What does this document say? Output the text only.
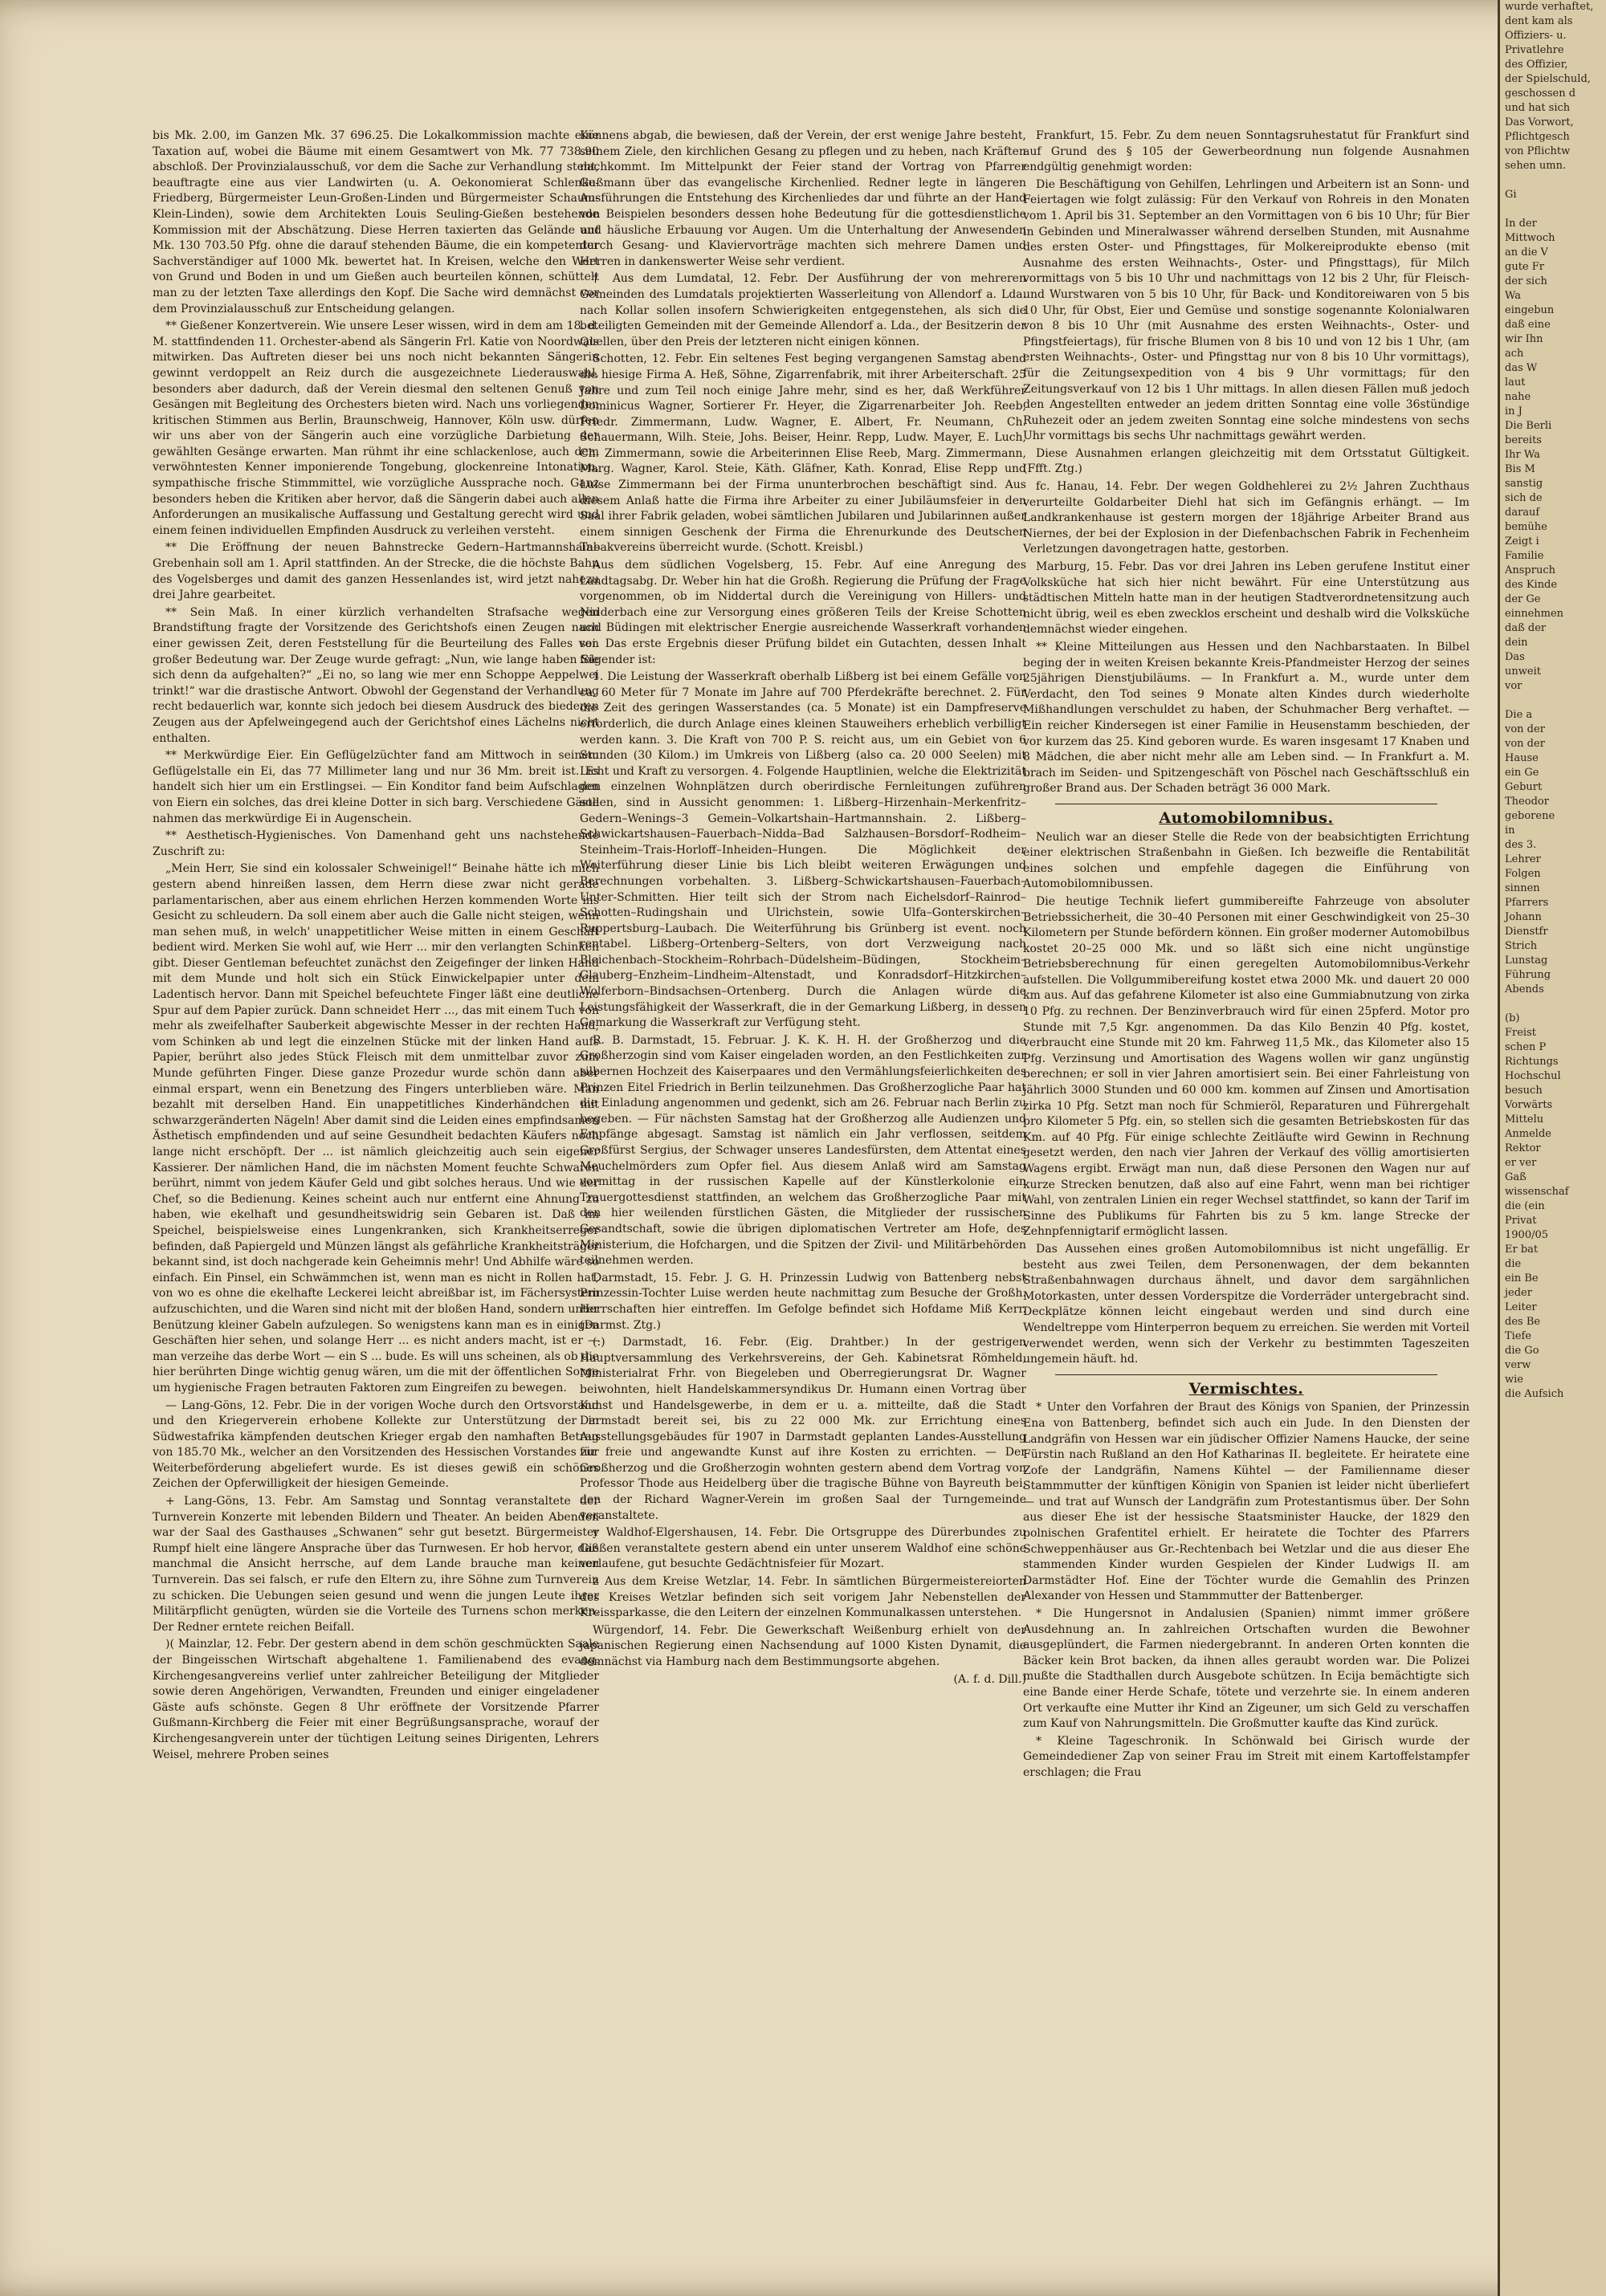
bis Mk. 2.00, im Ganzen Mk. 37 696.25. Die Lokalkommission machte eine Taxation auf, wobei die Bäume mit einem Gesamtwert von Mk. 77 738.90 abschloß. Der Provinzialausschuß, vor dem die Sache zur Verhandlung steht, beauftragte eine aus vier Landwirten (u. A. Oekonomierat Schlenke-Friedberg, Bürgermeister Leun-Großen-Linden und Bürgermeister Schaum-Klein-Linden), sowie dem Architekten Louis Seuling-Gießen bestehende Kommission mit der Abschätzung. Diese Herren taxierten das Gelände auf Mk. 130 703.50 Pfg. ohne die darauf stehenden Bäume, die ein kompetenter Sachverständiger auf 1000 Mk. bewertet hat. In Kreisen, welche den Wert von Grund und Boden in und um Gießen auch beurteilen können, schüttelt man zu der letzten Taxe allerdings den Kopf. Die Sache wird demnächst vor dem Provinzialausschuß zur Entscheidung gelangen.

** Gießener Konzertverein. Wie unsere Leser wissen, wird in dem am 18. d. M. stattfindenden 11. Orchester-abend als Sängerin Frl. Katie von Noordwals mitwirken. Das Auftreten dieser bei uns noch nicht bekannten Sängerin gewinnt verdoppelt an Reiz durch die ausgezeichnete Liederauswahl, besonders aber dadurch, daß der Verein diesmal den seltenen Genuß von Gesängen mit Begleitung des Orchesters bieten wird. Nach uns vorliegenden kritischen Stimmen aus Berlin, Braunschweig, Hannover, Köln usw. dürfen wir uns aber von der Sängerin auch eine vorzügliche Darbietung der gewählten Gesänge erwarten. Man rühmt ihr eine schlackenlose, auch dem verwöhntesten Kenner imponierende Tongebung, glockenreine Intonation, sympathische frische Stimmmittel, wie vorzügliche Aussprache noch. Ganz besonders heben die Kritiken aber hervor, daß die Sängerin dabei auch allen Anforderungen an musikalische Auffassung und Gestaltung gerecht wird und einem feinen individuellen Empfinden Ausdruck zu verleihen versteht.

** Die Eröffnung der neuen Bahnstrecke Gedern–Hartmannshain–Grebenhain soll am 1. April stattfinden. An der Strecke, die die höchste Bahn des Vogelsberges und damit des ganzen Hessenlandes ist, wird jetzt nahezu drei Jahre gearbeitet.

** Sein Maß. In einer kürzlich verhandelten Strafsache wegen Brandstiftung fragte der Vorsitzende des Gerichtshofs einen Zeugen nach einer gewissen Zeit, deren Feststellung für die Beurteilung des Falles von großer Bedeutung war. Der Zeuge wurde gefragt: „Nun, wie lange haben Sie sich denn da aufgehalten?“ „Ei no, so lang wie mer enn Schoppe Aeppelwei trinkt!“ war die drastische Antwort. Obwohl der Gegenstand der Verhandlung recht bedauerlich war, konnte sich jedoch bei diesem Ausdruck des biederen Zeugen aus der Apfelweingegend auch der Gerichtshof eines Lächelns nicht enthalten.

** Merkwürdige Eier. Ein Geflügelzüchter fand am Mittwoch in seinem Geflügelstalle ein Ei, das 77 Millimeter lang und nur 36 Mm. breit ist. Es handelt sich hier um ein Erstlingsei. — Ein Konditor fand beim Aufschlagen von Eiern ein solches, das drei kleine Dotter in sich barg. Verschiedene Gäste nahmen das merkwürdige Ei in Augenschein.

** Aesthetisch-Hygienisches. Von Damenhand geht uns nachstehende Zuschrift zu:

„Mein Herr, Sie sind ein kolossaler Schweinigel!“ Beinahe hätte ich mich gestern abend hinreißen lassen, dem Herrn diese zwar nicht gerade parlamentarischen, aber aus einem ehrlichen Herzen kommenden Worte ins Gesicht zu schleudern. Da soll einem aber auch die Galle nicht steigen, wenn man sehen muß, in welch' unappetitlicher Weise mitten in einem Geschäft bedient wird. Merken Sie wohl auf, wie Herr ... mir den verlangten Schinken gibt. Dieser Gentleman befeuchtet zunächst den Zeigefinger der linken Hand mit dem Munde und holt sich ein Stück Einwickelpapier unter dem Ladentisch hervor. Dann mit Speichel befeuchtete Finger läßt eine deutliche Spur auf dem Papier zurück. Dann schneidet Herr ..., das mit einem Tuch von mehr als zweifelhafter Sauberkeit abgewischte Messer in der rechten Hand, vom Schinken ab und legt die einzelnen Stücke mit der linken Hand aufs Papier, berührt also jedes Stück Fleisch mit dem unmittelbar zuvor zum Munde geführten Finger. Diese ganze Prozedur wurde schön dann aber einmal erspart, wenn ein Benetzung des Fingers unterblieben wäre. Man bezahlt mit derselben Hand. Ein unappetitliches Kinderhändchen mit schwarzgeränderten Nägeln! Aber damit sind die Leiden eines empfindsamen Ästhetisch empfindenden und auf seine Gesundheit bedachten Käufers noch lange nicht erschöpft. Der ... ist nämlich gleichzeitig auch sein eigener Kassierer. Der nämlichen Hand, die im nächsten Moment feuchte Schwaren berührt, nimmt von jedem Käufer Geld und gibt solches heraus. Und wie der Chef, so die Bedienung. Keines scheint auch nur entfernt eine Ahnung zu haben, wie ekelhaft und gesundheitswidrig sein Gebaren ist. Daß im Speichel, beispielsweise eines Lungenkranken, sich Krankheitserreger befinden, daß Papiergeld und Münzen längst als gefährliche Krankheitsträger bekannt sind, ist doch nachgerade kein Geheimnis mehr! Und Abhilfe wäre so einfach. Ein Pinsel, ein Schwämmchen ist, wenn man es nicht in Rollen hat, von wo es ohne die ekelhafte Leckerei leicht abreißbar ist, im Fächersystem aufzuschichten, und die Waren sind nicht mit der bloßen Hand, sondern unter Benützung kleiner Gabeln aufzulegen. So wenigstens kann man es in einigen Geschäften hier sehen, und solange Herr ... es nicht anders macht, ist er — man verzeihe das derbe Wort — ein S ... bude. Es will uns scheinen, als ob die hier berührten Dinge wichtig genug wären, um die mit der öffentlichen Sorge um hygienische Fragen betrauten Faktoren zum Eingreifen zu bewegen.

— Lang-Göns, 12. Febr. Die in der vorigen Woche durch den Ortsvorstand und den Kriegerverein erhobene Kollekte zur Unterstützung der in Südwestafrika kämpfenden deutschen Krieger ergab den namhaften Betrag von 185.70 Mk., welcher an den Vorsitzenden des Hessischen Vorstandes zur Weiterbeförderung abgeliefert wurde. Es ist dieses gewiß ein schönes Zeichen der Opferwilligkeit der hiesigen Gemeinde.

+ Lang-Göns, 13. Febr. Am Samstag und Sonntag veranstaltete der Turnverein Konzerte mit lebenden Bildern und Theater. An beiden Abenden war der Saal des Gasthauses „Schwanen“ sehr gut besetzt. Bürgermeister Rumpf hielt eine längere Ansprache über das Turnwesen. Er hob hervor, daß manchmal die Ansicht herrsche, auf dem Lande brauche man keinen Turnverein. Das sei falsch, er rufe den Eltern zu, ihre Söhne zum Turnverein zu schicken. Die Uebungen seien gesund und wenn die jungen Leute ihrer Militärpflicht genügten, würden sie die Vorteile des Turnens schon merken. Der Redner erntete reichen Beifall.

)( Mainzlar, 12. Febr. Der gestern abend in dem schön geschmückten Saale der Bingeisschen Wirtschaft abgehaltene 1. Familienabend des evang. Kirchengesangvereins verlief unter zahlreicher Beteiligung der Mitglieder sowie deren Angehörigen, Verwandten, Freunden und einiger eingeladener Gäste aufs schönste. Gegen 8 Uhr eröffnete der Vorsitzende Pfarrer Gußmann-Kirchberg die Feier mit einer Begrüßungsansprache, worauf der Kirchengesangverein unter der tüchtigen Leitung seines Dirigenten, Lehrers Weisel, mehrere Proben seines

Könnens abgab, die bewiesen, daß der Verein, der erst wenige Jahre besteht, seinem Ziele, den kirchlichen Gesang zu pflegen und zu heben, nach Kräften nachkommt. Im Mittelpunkt der Feier stand der Vortrag von Pfarrer Gußmann über das evangelische Kirchenlied. Redner legte in längeren Ausführungen die Entstehung des Kirchenliedes dar und führte an der Hand von Beispielen besonders dessen hohe Bedeutung für die gottesdienstliche und häusliche Erbauung vor Augen. Um die Unterhaltung der Anwesenden durch Gesang- und Klaviervorträge machten sich mehrere Damen und Herren in dankenswerter Weise sehr verdient.

† Aus dem Lumdatal, 12. Febr. Der Ausführung der von mehreren Gemeinden des Lumdatals projektierten Wasserleitung von Allendorf a. Lda. nach Kollar sollen insofern Schwierigkeiten entgegenstehen, als sich die beteiligten Gemeinden mit der Gemeinde Allendorf a. Lda., der Besitzerin der Quellen, über den Preis der letzteren nicht einigen können.

Schotten, 12. Febr. Ein seltenes Fest beging vergangenen Samstag abend die hiesige Firma A. Heß, Söhne, Zigarrenfabrik, mit ihrer Arbeiterschaft. 25 Jahre und zum Teil noch einige Jahre mehr, sind es her, daß Werkführer Dominicus Wagner, Sortierer Fr. Heyer, die Zigarrenarbeiter Joh. Reeb, Friedr. Zimmermann, Ludw. Wagner, E. Albert, Fr. Neumann, Ch. Schauermann, Wilh. Steie, Johs. Beiser, Heinr. Repp, Ludw. Mayer, E. Luch, Ch. Zimmermann, sowie die Arbeiterinnen Elise Reeb, Marg. Zimmermann, Marg. Wagner, Karol. Steie, Käth. Gläfner, Kath. Konrad, Elise Repp und Luise Zimmermann bei der Firma ununterbrochen beschäftigt sind. Aus diesem Anlaß hatte die Firma ihre Arbeiter zu einer Jubiläumsfeier in den Saal ihrer Fabrik geladen, wobei sämtlichen Jubilaren und Jubilarinnen außer einem sinnigen Geschenk der Firma die Ehrenurkunde des Deutschen Tabakvereins überreicht wurde. (Schott. Kreisbl.)

Aus dem südlichen Vogelsberg, 15. Febr. Auf eine Anregung des Landtagsabg. Dr. Weber hin hat die Großh. Regierung die Prüfung der Frage vorgenommen, ob im Niddertal durch die Vereinigung von Hillers- und Nidderbach eine zur Versorgung eines größeren Teils der Kreise Schotten und Büdingen mit elektrischer Energie ausreichende Wasserkraft vorhanden sei. Das erste Ergebnis dieser Prüfung bildet ein Gutachten, dessen Inhalt folgender ist:

1. Die Leistung der Wasserkraft oberhalb Lißberg ist bei einem Gefälle von ca. 60 Meter für 7 Monate im Jahre auf 700 Pferdekräfte berechnet. 2. Für die Zeit des geringen Wasserstandes (ca. 5 Monate) ist ein Dampfreserve erforderlich, die durch Anlage eines kleinen Stauweihers erheblich verbilligt werden kann. 3. Die Kraft von 700 P. S. reicht aus, um ein Gebiet von 6 Stunden (30 Kilom.) im Umkreis von Lißberg (also ca. 20 000 Seelen) mit Licht und Kraft zu versorgen. 4. Folgende Hauptlinien, welche die Elektrizität den einzelnen Wohnplätzen durch oberirdische Fernleitungen zuführen sollen, sind in Aussicht genommen: 1. Lißberg–Hirzenhain–Merkenfritz–Gedern–Wenings–3 Gemein–Volkartshain–Hartmannshain. 2. Lißberg–Schwickartshausen–Fauerbach–Nidda–Bad Salzhausen–Borsdorf–Rodheim–Steinheim–Trais-Horloff–Inheiden–Hungen. Die Möglichkeit der Weiterführung dieser Linie bis Lich bleibt weiteren Erwägungen und Berechnungen vorbehalten. 3. Lißberg–Schwickartshausen–Fauerbach–Unter-Schmitten. Hier teilt sich der Strom nach Eichelsdorf–Rainrod–Schotten–Rudingshain und Ulrichstein, sowie Ulfa–Gonterskirchen–Ruppertsburg–Laubach. Die Weiterführung bis Grünberg ist event. noch rentabel. Lißberg–Ortenberg–Selters, von dort Verzweigung nach Bleichenbach–Stockheim–Rohrbach–Düdelsheim–Büdingen, Stockheim–Glauberg–Enzheim–Lindheim–Altenstadt, und Konradsdorf–Hitzkirchen–Wolferborn–Bindsachsen–Ortenberg. Durch die Anlagen würde die Leistungsfähigkeit der Wasserkraft, die in der Gemarkung Lißberg, in dessen Gemarkung die Wasserkraft zur Verfügung steht.

R. B. Darmstadt, 15. Februar. J. K. K. H. H. der Großherzog und die Großherzogin sind vom Kaiser eingeladen worden, an den Festlichkeiten zur silbernen Hochzeit des Kaiserpaares und den Vermählungsfeierlichkeiten des Prinzen Eitel Friedrich in Berlin teilzunehmen. Das Großherzogliche Paar hat die Einladung angenommen und gedenkt, sich am 26. Februar nach Berlin zu begeben. — Für nächsten Samstag hat der Großherzog alle Audienzen und Empfänge abgesagt. Samstag ist nämlich ein Jahr verflossen, seitdem Großfürst Sergius, der Schwager unseres Landesfürsten, dem Attentat eines Meuchelmörders zum Opfer fiel. Aus diesem Anlaß wird am Samstag vormittag in der russischen Kapelle auf der Künstlerkolonie ein Trauergottesdienst stattfinden, an welchem das Großherzogliche Paar mit den hier weilenden fürstlichen Gästen, die Mitglieder der russischen Gesandtschaft, sowie die übrigen diplomatischen Vertreter am Hofe, des Ministerium, die Hofchargen, und die Spitzen der Zivil- und Militärbehörden teilnehmen werden.

Darmstadt, 15. Febr. J. G. H. Prinzessin Ludwig von Battenberg nebst Prinzessin-Tochter Luise werden heute nachmittag zum Besuche der Großh. Herrschaften hier eintreffen. Im Gefolge befindet sich Hofdame Miß Kerr. (Darmst. Ztg.)

(:) Darmstadt, 16. Febr. (Eig. Drahtber.) In der gestrigen Hauptversammlung des Verkehrsvereins, der Geh. Kabinetsrat Römheld, Ministerialrat Frhr. von Biegeleben und Oberregierungsrat Dr. Wagner beiwohnten, hielt Handelskammersyndikus Dr. Humann einen Vortrag über Kunst und Handelsgewerbe, in dem er u. a. mitteilte, daß die Stadt Darmstadt bereit sei, bis zu 22 000 Mk. zur Errichtung eines Ausstellungsgebäudes für 1907 in Darmstadt geplanten Landes-Ausstellung für freie und angewandte Kunst auf ihre Kosten zu errichten. — Der Großherzog und die Großherzogin wohnten gestern abend dem Vortrag von Professor Thode aus Heidelberg über die tragische Bühne von Bayreuth bei, den der Richard Wagner-Verein im großen Saal der Turngemeinde veranstaltete.

y Waldhof-Elgershausen, 14. Febr. Die Ortsgruppe des Dürerbundes zu Gießen veranstaltete gestern abend ein unter unserem Waldhof eine schöne verlaufene, gut besuchte Gedächtnisfeier für Mozart.

z Aus dem Kreise Wetzlar, 14. Febr. In sämtlichen Bürgermeistereiorten des Kreises Wetzlar befinden sich seit vorigem Jahr Nebenstellen der Kreissparkasse, die den Leitern der einzelnen Kommunalkassen unterstehen.

Würgendorf, 14. Febr. Die Gewerkschaft Weißenburg erhielt von der japanischen Regierung einen Nachsendung auf 1000 Kisten Dynamit, die demnächst via Hamburg nach dem Bestimmungsorte abgehen.

(A. f. d. Dill.)

Frankfurt, 15. Febr. Zu dem neuen Sonntagsruhestatut für Frankfurt sind auf Grund des § 105 der Gewerbeordnung nun folgende Ausnahmen endgültig genehmigt worden:

Die Beschäftigung von Gehilfen, Lehrlingen und Arbeitern ist an Sonn- und Feiertagen wie folgt zulässig: Für den Verkauf von Rohreis in den Monaten vom 1. April bis 31. September an den Vormittagen von 6 bis 10 Uhr; für Bier in Gebinden und Mineralwasser während derselben Stunden, mit Ausnahme des ersten Oster- und Pfingsttages, für Molkereiprodukte ebenso (mit Ausnahme des ersten Weihnachts-, Oster- und Pfingsttags), für Milch vormittags von 5 bis 10 Uhr und nachmittags von 12 bis 2 Uhr, für Fleisch- und Wurstwaren von 5 bis 10 Uhr, für Back- und Konditoreiwaren von 5 bis 10 Uhr, für Obst, Eier und Gemüse und sonstige sogenannte Kolonialwaren von 8 bis 10 Uhr (mit Ausnahme des ersten Weihnachts-, Oster- und Pfingstfeiertags), für frische Blumen von 8 bis 10 und von 12 bis 1 Uhr, (am ersten Weihnachts-, Oster- und Pfingsttag nur von 8 bis 10 Uhr vormittags), für die Zeitungsexpedition von 4 bis 9 Uhr vormittags; für den Zeitungsverkauf von 12 bis 1 Uhr mittags. In allen diesen Fällen muß jedoch den Angestellten entweder an jedem dritten Sonntag eine volle 36stündige Ruhezeit oder an jedem zweiten Sonntag eine solche mindestens von sechs Uhr vormittags bis sechs Uhr nachmittags gewährt werden.

Diese Ausnahmen erlangen gleichzeitig mit dem Ortsstatut Gültigkeit. (Ffft. Ztg.)

fc. Hanau, 14. Febr. Der wegen Goldhehlerei zu 2½ Jahren Zuchthaus verurteilte Goldarbeiter Diehl hat sich im Gefängnis erhängt. — Im Landkrankenhause ist gestern morgen der 18jährige Arbeiter Brand aus Niernes, der bei der Explosion in der Diefenbachschen Fabrik in Fechenheim Verletzungen davongetragen hatte, gestorben.

Marburg, 15. Febr. Das vor drei Jahren ins Leben gerufene Institut einer Volksküche hat sich hier nicht bewährt. Für eine Unterstützung aus städtischen Mitteln hatte man in der heutigen Stadtverordnetensitzung auch nicht übrig, weil es eben zwecklos erscheint und deshalb wird die Volksküche demnächst wieder eingehen.

** Kleine Mitteilungen aus Hessen und den Nachbarstaaten. In Bilbel beging der in weiten Kreisen bekannte Kreis-Pfandmeister Herzog der seines 25jährigen Dienstjubiläums. — In Frankfurt a. M., wurde unter dem Verdacht, den Tod seines 9 Monate alten Kindes durch wiederholte Mißhandlungen verschuldet zu haben, der Schuhmacher Berg verhaftet. — Ein reicher Kindersegen ist einer Familie in Heusenstamm beschieden, der vor kurzem das 25. Kind geboren wurde. Es waren insgesamt 17 Knaben und 8 Mädchen, die aber nicht mehr alle am Leben sind. — In Frankfurt a. M. brach im Seiden- und Spitzengeschäft von Pöschel nach Geschäftsschluß ein großer Brand aus. Der Schaden beträgt 36 000 Mark.

Automobilomnibus.

Neulich war an dieser Stelle die Rede von der beabsichtigten Errichtung einer elektrischen Straßenbahn in Gießen. Ich bezweifle die Rentabilität eines solchen und empfehle dagegen die Einführung von Automobilomnibussen.

Die heutige Technik liefert gummibereifte Fahrzeuge von absoluter Betriebssicherheit, die 30–40 Personen mit einer Geschwindigkeit von 25–30 Kilometern per Stunde befördern können. Ein großer moderner Automobilbus kostet 20–25 000 Mk. und so läßt sich eine nicht ungünstige Betriebsberechnung für einen geregelten Automobilomnibus-Verkehr aufstellen. Die Vollgummibereifung kostet etwa 2000 Mk. und dauert 20 000 km aus. Auf das gefahrene Kilometer ist also eine Gummiabnutzung von zirka 10 Pfg. zu rechnen. Der Benzinverbrauch wird für einen 25pferd. Motor pro Stunde mit 7,5 Kgr. angenommen. Da das Kilo Benzin 40 Pfg. kostet, verbraucht eine Stunde mit 20 km. Fahrweg 11,5 Mk., das Kilometer also 15 Pfg. Verzinsung und Amortisation des Wagens wollen wir ganz ungünstig berechnen; er soll in vier Jahren amortisiert sein. Bei einer Fahrleistung von jährlich 3000 Stunden und 60 000 km. kommen auf Zinsen und Amortisation zirka 10 Pfg. Setzt man noch für Schmieröl, Reparaturen und Führergehalt pro Kilometer 5 Pfg. ein, so stellen sich die gesamten Betriebskosten für das Km. auf 40 Pfg. Für einige schlechte Zeitläufte wird Gewinn in Rechnung gesetzt werden, den nach vier Jahren der Verkauf des völlig amortisierten Wagens ergibt. Erwägt man nun, daß diese Personen den Wagen nur auf kurze Strecken benutzen, daß also auf eine Fahrt, wenn man bei richtiger Wahl, von zentralen Linien ein reger Wechsel stattfindet, so kann der Tarif im Sinne des Publikums für Fahrten bis zu 5 km. lange Strecke der Zehnpfennigtarif ermöglicht lassen.

Das Aussehen eines großen Automobilomnibus ist nicht ungefällig. Er besteht aus zwei Teilen, dem Personenwagen, der dem bekannten Straßenbahnwagen durchaus ähnelt, und davor dem sargähnlichen Motorkasten, unter dessen Vorderspitze die Vorderräder untergebracht sind. Deckplätze können leicht eingebaut werden und sind durch eine Wendeltreppe vom Hinterperron bequem zu erreichen. Sie werden mit Vorteil verwendet werden, wenn sich der Verkehr zu bestimmten Tageszeiten ungemein häuft. hd.

Vermischtes.

* Unter den Vorfahren der Braut des Königs von Spanien, der Prinzessin Ena von Battenberg, befindet sich auch ein Jude. In den Diensten der Landgräfin von Hessen war ein jüdischer Offizier Namens Haucke, der seine Fürstin nach Rußland an den Hof Katharinas II. begleitete. Er heiratete eine Zofe der Landgräfin, Namens Kühtel — der Familienname dieser Stammmutter der künftigen Königin von Spanien ist leider nicht überliefert — und trat auf Wunsch der Landgräfin zum Protestantismus über. Der Sohn aus dieser Ehe ist der hessische Staatsminister Haucke, der 1829 den polnischen Grafentitel erhielt. Er heiratete die Tochter des Pfarrers Schweppenhäuser aus Gr.-Rechtenbach bei Wetzlar und die aus dieser Ehe stammenden Kinder wurden Gespielen der Kinder Ludwigs II. am Darmstädter Hof. Eine der Töchter wurde die Gemahlin des Prinzen Alexander von Hessen und Stammmutter der Battenberger.

* Die Hungersnot in Andalusien (Spanien) nimmt immer größere Ausdehnung an. In zahlreichen Ortschaften wurden die Bewohner ausgeplündert, die Farmen niedergebrannt. In anderen Orten konnten die Bäcker kein Brot backen, da ihnen alles geraubt worden war. Die Polizei mußte die Stadthallen durch Ausgebote schützen. In Ecija bemächtigte sich eine Bande einer Herde Schafe, tötete und verzehrte sie. In einem anderen Ort verkaufte eine Mutter ihr Kind an Zigeuner, um sich Geld zu verschaffen zum Kauf von Nahrungsmitteln. Die Großmutter kaufte das Kind zurück.

* Kleine Tageschronik. In Schönwald bei Girisch wurde der Gemeindediener Zap von seiner Frau im Streit mit einem Kartoffelstampfer erschlagen; die Frau

wurde verhaftet,

dent kam als

Offiziers- u.

Privatlehre

des Offizier,

der Spielschuld,

geschossen d

und hat sich

Das Vorwort,

Pflichtgesch

von Pflichtw

sehen umn.

Gi

In der

Mittwoch

an die V

gute Fr

der sich

Wa

eingebun

daß eine

wir Ihn

ach

das W

laut

nahe

in J

Die Berli

bereits

Ihr Wa

Bis M

sanstig

sich de

darauf

bemühe

Zeigt i

Familie

Anspruch

des Kinde

der Ge

einnehmen

daß der

dein

Das

unweit

vor

Die a

von der

von der

Hause

ein Ge

Geburt

Theodor

geborene

in

des 3.

Lehrer

Folgen

sinnen

Pfarrers

Johann

Dienstfr

Strich

Lunstag

Führung

Abends

(b)

Freist

schen P

Richtungs

Hochschul

besuch

Vorwärts

Mittelu

Anmelde

Rektor

er ver

Gaß

wissenschaf

die (ein

Privat

1900/05

Er bat

die

ein Be

jeder

Leiter

des Be

Tiefe

die Go

verw

wie

die Aufsich
